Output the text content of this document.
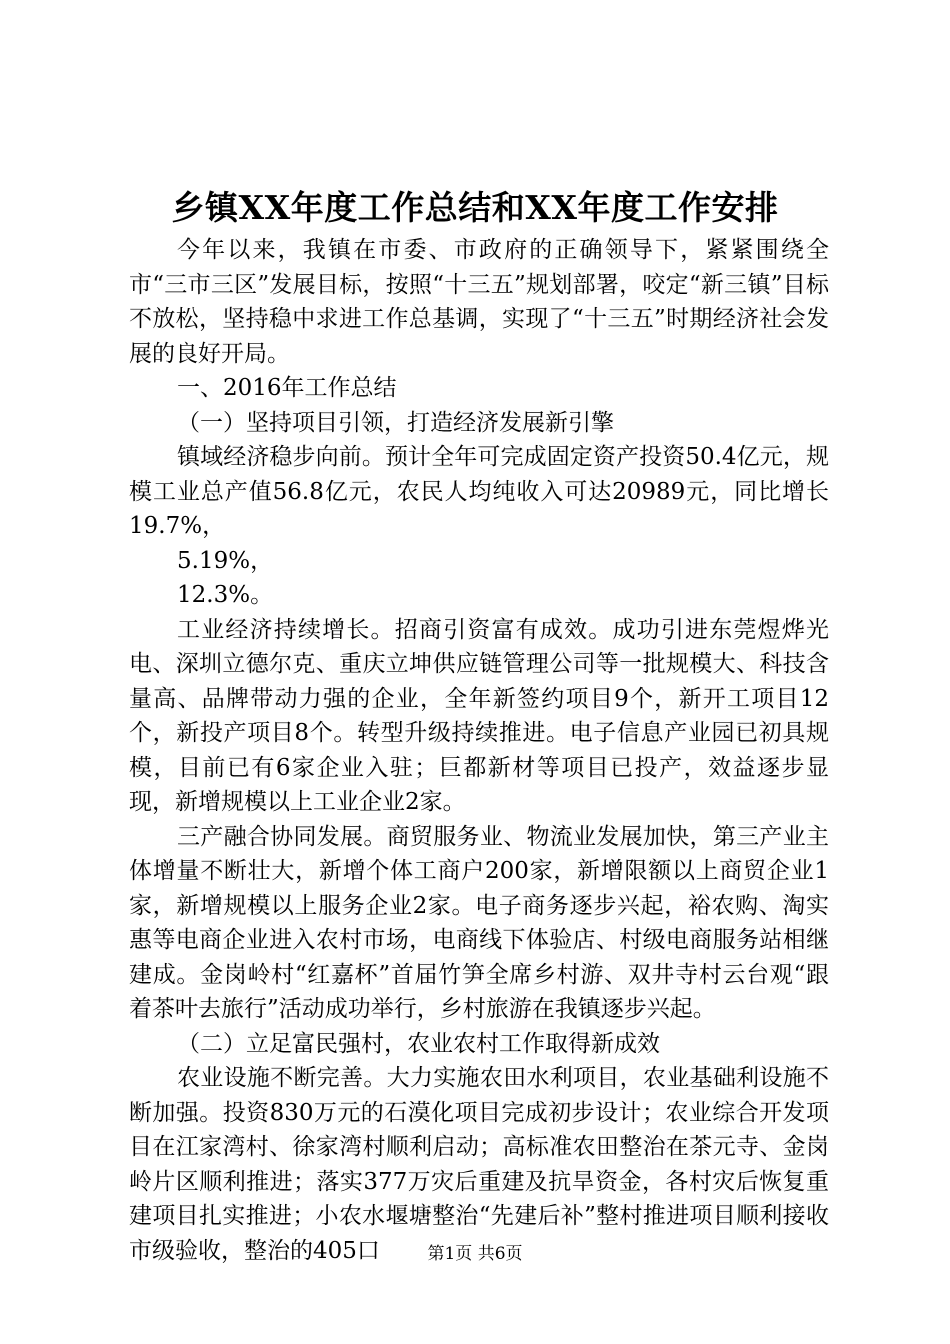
乡镇XX年度工作总结和XX年度工作安排

今年以来，我镇在市委、市政府的正确领导下，紧紧围绕全市“三市三区”发展目标，按照“十三五”规划部署，咬定“新三镇”目标不放松，坚持稳中求进工作总基调，实现了“十三五”时期经济社会发展的良好开局。

一、2016年工作总结

（一）坚持项目引领，打造经济发展新引擎

镇域经济稳步向前。预计全年可完成固定资产投资50.4亿元，规模工业总产值56.8亿元，农民人均纯收入可达20989元，同比增长19.7%，

5.19%，

12.3%。

工业经济持续增长。招商引资富有成效。成功引进东莞煜烨光电、深圳立德尔克、重庆立坤供应链管理公司等一批规模大、科技含量高、品牌带动力强的企业，全年新签约项目9个，新开工项目12个，新投产项目8个。转型升级持续推进。电子信息产业园已初具规模，目前已有6家企业入驻；巨都新材等项目已投产，效益逐步显现，新增规模以上工业企业2家。

三产融合协同发展。商贸服务业、物流业发展加快，第三产业主体增量不断壮大，新增个体工商户200家，新增限额以上商贸企业1家，新增规模以上服务企业2家。电子商务逐步兴起，裕农购、淘实惠等电商企业进入农村市场，电商线下体验店、村级电商服务站相继建成。金岗岭村“红嘉杯”首届竹笋全席乡村游、双井寺村云台观“跟着茶叶去旅行”活动成功举行，乡村旅游在我镇逐步兴起。

（二）立足富民强村，农业农村工作取得新成效

农业设施不断完善。大力实施农田水利项目，农业基础利设施不断加强。投资830万元的石漠化项目完成初步设计；农业综合开发项目在江家湾村、徐家湾村顺利启动；高标准农田整治在茶元寺、金岗岭片区顺利推进；落实377万灾后重建及抗旱资金，各村灾后恢复重建项目扎实推进；小农水堰塘整治“先建后补”整村推进项目顺利接收市级验收，整治的405口	第1页 共6页
